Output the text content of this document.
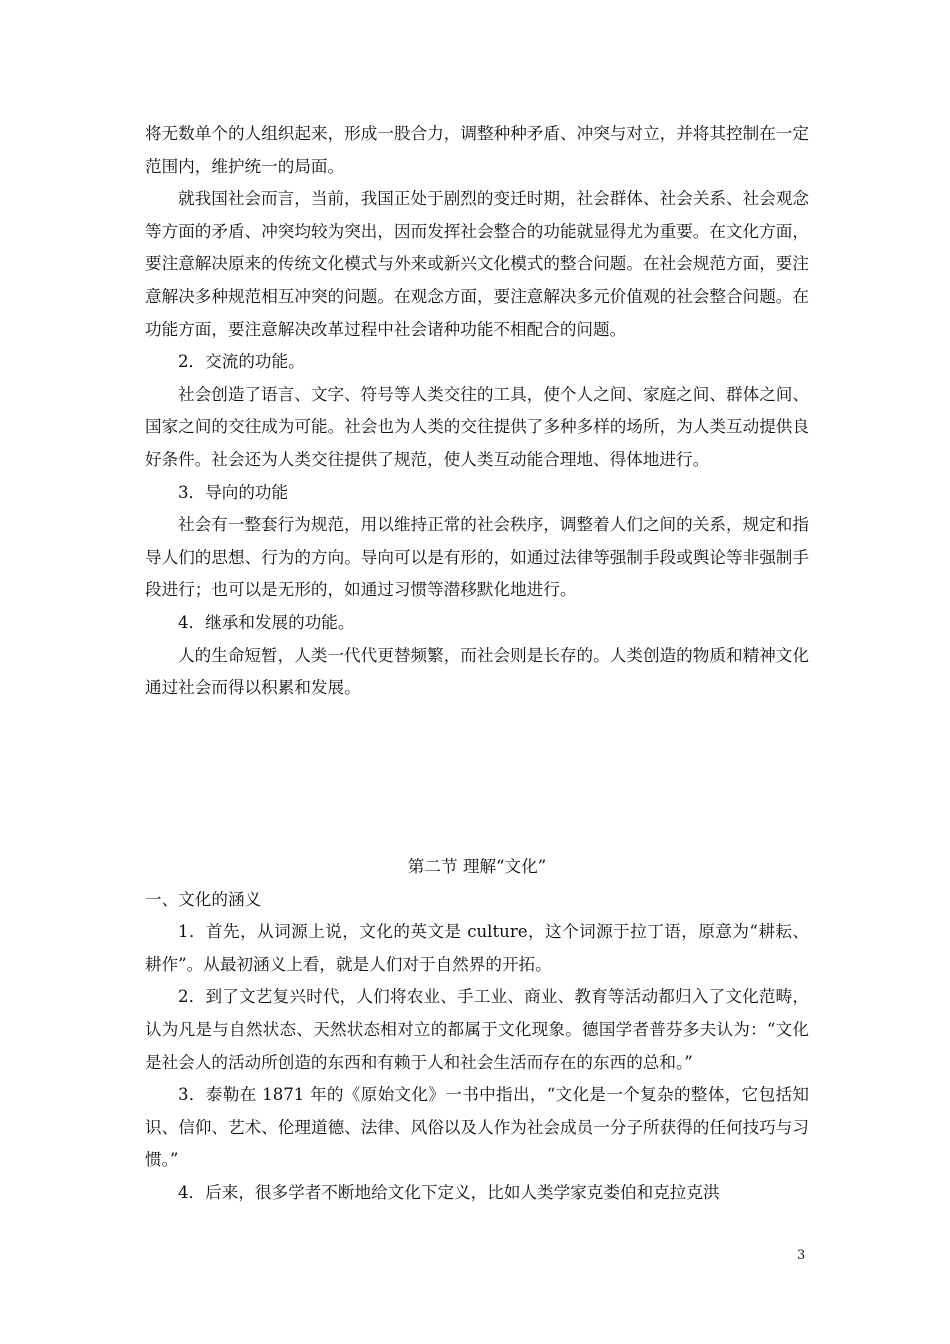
将无数单个的人组织起来，形成一股合力，调整种种矛盾、冲突与对立，并将其控制在一定范围内，维护统一的局面。

就我国社会而言，当前，我国正处于剧烈的变迁时期，社会群体、社会关系、社会观念等方面的矛盾、冲突均较为突出，因而发挥社会整合的功能就显得尤为重要。在文化方面，要注意解决原来的传统文化模式与外来或新兴文化模式的整合问题。在社会规范方面，要注意解决多种规范相互冲突的问题。在观念方面，要注意解决多元价值观的社会整合问题。在功能方面，要注意解决改革过程中社会诸种功能不相配合的问题。

2．交流的功能。

社会创造了语言、文字、符号等人类交往的工具，使个人之间、家庭之间、群体之间、国家之间的交往成为可能。社会也为人类的交往提供了多种多样的场所，为人类互动提供良好条件。社会还为人类交往提供了规范，使人类互动能合理地、得体地进行。

3．导向的功能

社会有一整套行为规范，用以维持正常的社会秩序，调整着人们之间的关系，规定和指导人们的思想、行为的方向。导向可以是有形的，如通过法律等强制手段或舆论等非强制手段进行；也可以是无形的，如通过习惯等潜移默化地进行。

4．继承和发展的功能。

人的生命短暂，人类一代代更替频繁，而社会则是长存的。人类创造的物质和精神文化通过社会而得以积累和发展。

第二节 理解“文化”

一、文化的涵义

1．首先，从词源上说，文化的英文是 culture，这个词源于拉丁语，原意为“耕耘、耕作”。从最初涵义上看，就是人们对于自然界的开拓。

2．到了文艺复兴时代，人们将农业、手工业、商业、教育等活动都归入了文化范畴，认为凡是与自然状态、天然状态相对立的都属于文化现象。德国学者普芬多夫认为：“文化是社会人的活动所创造的东西和有赖于人和社会生活而存在的东西的总和。”

3．泰勒在 1871 年的《原始文化》一书中指出，“文化是一个复杂的整体，它包括知识、信仰、艺术、伦理道德、法律、风俗以及人作为社会成员一分子所获得的任何技巧与习惯。”

4．后来，很多学者不断地给文化下定义，比如人类学家克娄伯和克拉克洪

3
